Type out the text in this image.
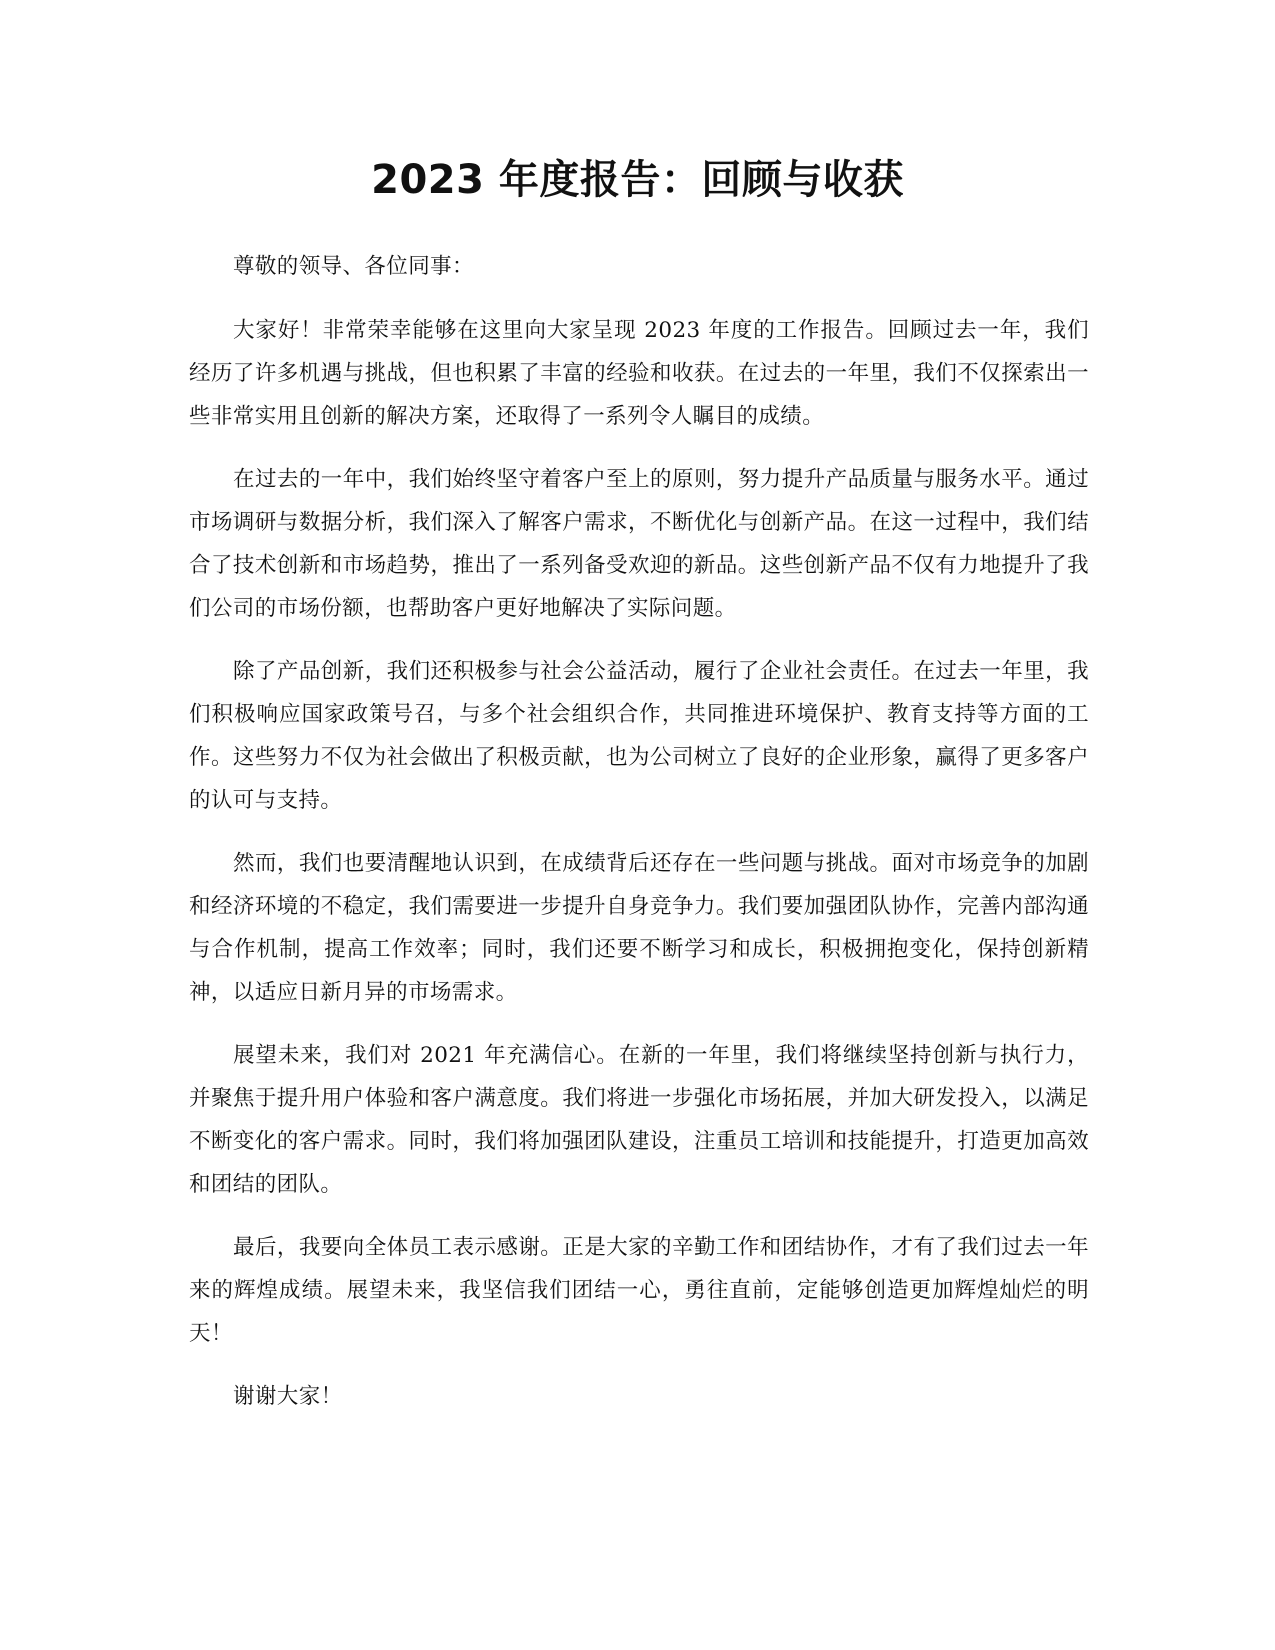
2023 年度报告：回顾与收获

尊敬的领导、各位同事：

大家好！非常荣幸能够在这里向大家呈现 2023 年度的工作报告。回顾过去一年，我们经历了许多机遇与挑战，但也积累了丰富的经验和收获。在过去的一年里，我们不仅探索出一些非常实用且创新的解决方案，还取得了一系列令人瞩目的成绩。

在过去的一年中，我们始终坚守着客户至上的原则，努力提升产品质量与服务水平。通过市场调研与数据分析，我们深入了解客户需求，不断优化与创新产品。在这一过程中，我们结合了技术创新和市场趋势，推出了一系列备受欢迎的新品。这些创新产品不仅有力地提升了我们公司的市场份额，也帮助客户更好地解决了实际问题。

除了产品创新，我们还积极参与社会公益活动，履行了企业社会责任。在过去一年里，我们积极响应国家政策号召，与多个社会组织合作，共同推进环境保护、教育支持等方面的工作。这些努力不仅为社会做出了积极贡献，也为公司树立了良好的企业形象，赢得了更多客户的认可与支持。

然而，我们也要清醒地认识到，在成绩背后还存在一些问题与挑战。面对市场竞争的加剧和经济环境的不稳定，我们需要进一步提升自身竞争力。我们要加强团队协作，完善内部沟通与合作机制，提高工作效率；同时，我们还要不断学习和成长，积极拥抱变化，保持创新精神，以适应日新月异的市场需求。

展望未来，我们对 2021 年充满信心。在新的一年里，我们将继续坚持创新与执行力，并聚焦于提升用户体验和客户满意度。我们将进一步强化市场拓展，并加大研发投入，以满足不断变化的客户需求。同时，我们将加强团队建设，注重员工培训和技能提升，打造更加高效和团结的团队。

最后，我要向全体员工表示感谢。正是大家的辛勤工作和团结协作，才有了我们过去一年来的辉煌成绩。展望未来，我坚信我们团结一心，勇往直前，定能够创造更加辉煌灿烂的明天！

谢谢大家！
